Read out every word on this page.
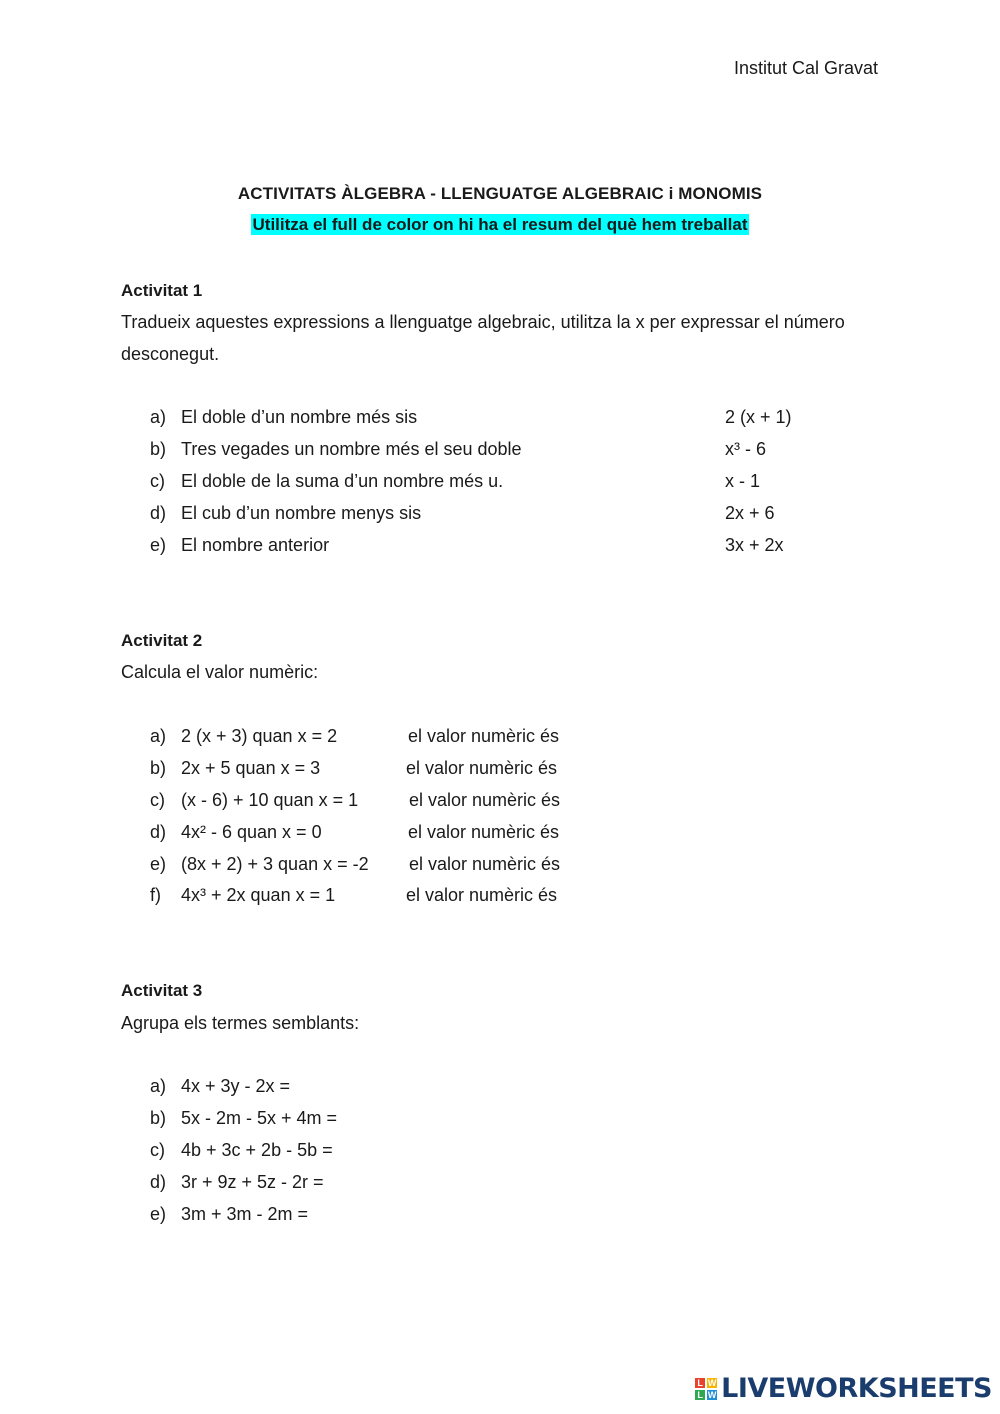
Institut Cal Gravat
ACTIVITATS ÀLGEBRA - LLENGUATGE ALGEBRAIC i MONOMIS
Utilitza el full de color on hi ha el resum del què hem treballat
Activitat 1
Tradueix aquestes expressions a llenguatge algebraic, utilitza la x per expressar el número
desconegut.
a) El doble d’un nombre més sis	2 (x + 1)
b) Tres vegades un nombre més el seu doble	x³ - 6
c) El doble de la suma d’un nombre més u.	x - 1
d) El cub d’un nombre menys sis	2x + 6
e) El nombre anterior	3x + 2x
Activitat 2
Calcula el valor numèric:
a) 2 (x + 3) quan x = 2	el valor numèric és
b) 2x + 5 quan x = 3	el valor numèric és
c) (x - 6) + 10 quan x = 1	el valor numèric és
d) 4x² - 6 quan x = 0	el valor numèric és
e) (8x + 2) + 3 quan x = -2 el valor numèric és
f) 4x³ + 2x quan x = 1	el valor numèric és
Activitat 3
Agrupa els termes semblants:
a) 4x + 3y - 2x =
b) 5x - 2m - 5x + 4m =
c) 4b + 3c + 2b - 5b =
d) 3r + 9z + 5z - 2r =
e) 3m + 3m - 2m =
L W
L W LIVEWORKSHEETS
